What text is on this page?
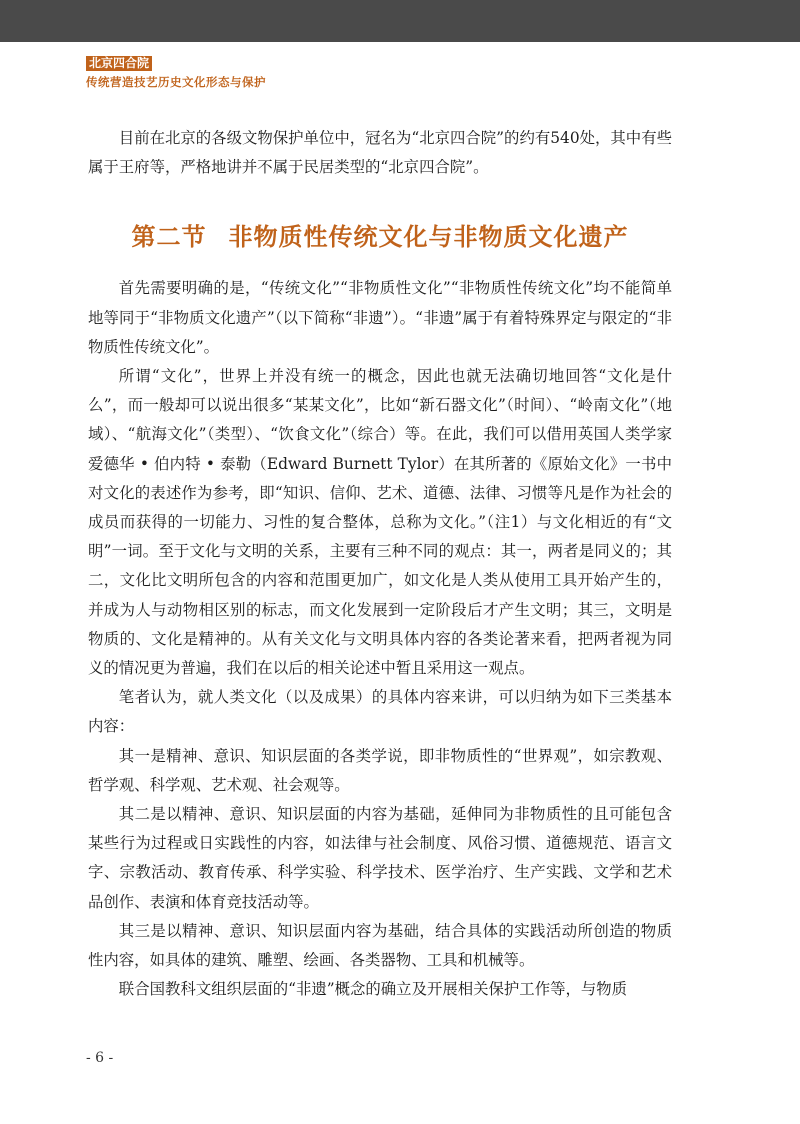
北京四合院
传统营造技艺历史文化形态与保护

目前在北京的各级文物保护单位中，冠名为“北京四合院”的约有540处，其中有些属于王府等，严格地讲并不属于民居类型的“北京四合院”。

第二节 非物质性传统文化与非物质文化遗产

首先需要明确的是，“传统文化”“非物质性文化”“非物质性传统文化”均不能简单地等同于“非物质文化遗产”（以下简称“非遗”）。“非遗”属于有着特殊界定与限定的“非物质性传统文化”。

所谓“文化”，世界上并没有统一的概念，因此也就无法确切地回答“文化是什么”，而一般却可以说出很多“某某文化”，比如“新石器文化”（时间）、“岭南文化”（地域）、“航海文化”（类型）、“饮食文化”（综合）等。在此，我们可以借用英国人类学家爱德华 • 伯内特 • 泰勒（Edward Burnett Tylor）在其所著的《原始文化》一书中对文化的表述作为参考，即“知识、信仰、艺术、道德、法律、习惯等凡是作为社会的成员而获得的一切能力、习性的复合整体，总称为文化。”（注1）与文化相近的有“文明”一词。至于文化与文明的关系，主要有三种不同的观点：其一，两者是同义的；其二，文化比文明所包含的内容和范围更加广，如文化是人类从使用工具开始产生的，并成为人与动物相区别的标志，而文化发展到一定阶段后才产生文明；其三，文明是物质的、文化是精神的。从有关文化与文明具体内容的各类论著来看，把两者视为同义的情况更为普遍，我们在以后的相关论述中暂且采用这一观点。

笔者认为，就人类文化（以及成果）的具体内容来讲，可以归纳为如下三类基本内容：

其一是精神、意识、知识层面的各类学说，即非物质性的“世界观”，如宗教观、哲学观、科学观、艺术观、社会观等。

其二是以精神、意识、知识层面的内容为基础，延伸同为非物质性的且可能包含某些行为过程或日实践性的内容，如法律与社会制度、风俗习惯、道德规范、语言文字、宗教活动、教育传承、科学实验、科学技术、医学治疗、生产实践、文学和艺术品创作、表演和体育竞技活动等。

其三是以精神、意识、知识层面内容为基础，结合具体的实践活动所创造的物质性内容，如具体的建筑、雕塑、绘画、各类器物、工具和机械等。

联合国教科文组织层面的“非遗”概念的确立及开展相关保护工作等，与物质

- 6 -
